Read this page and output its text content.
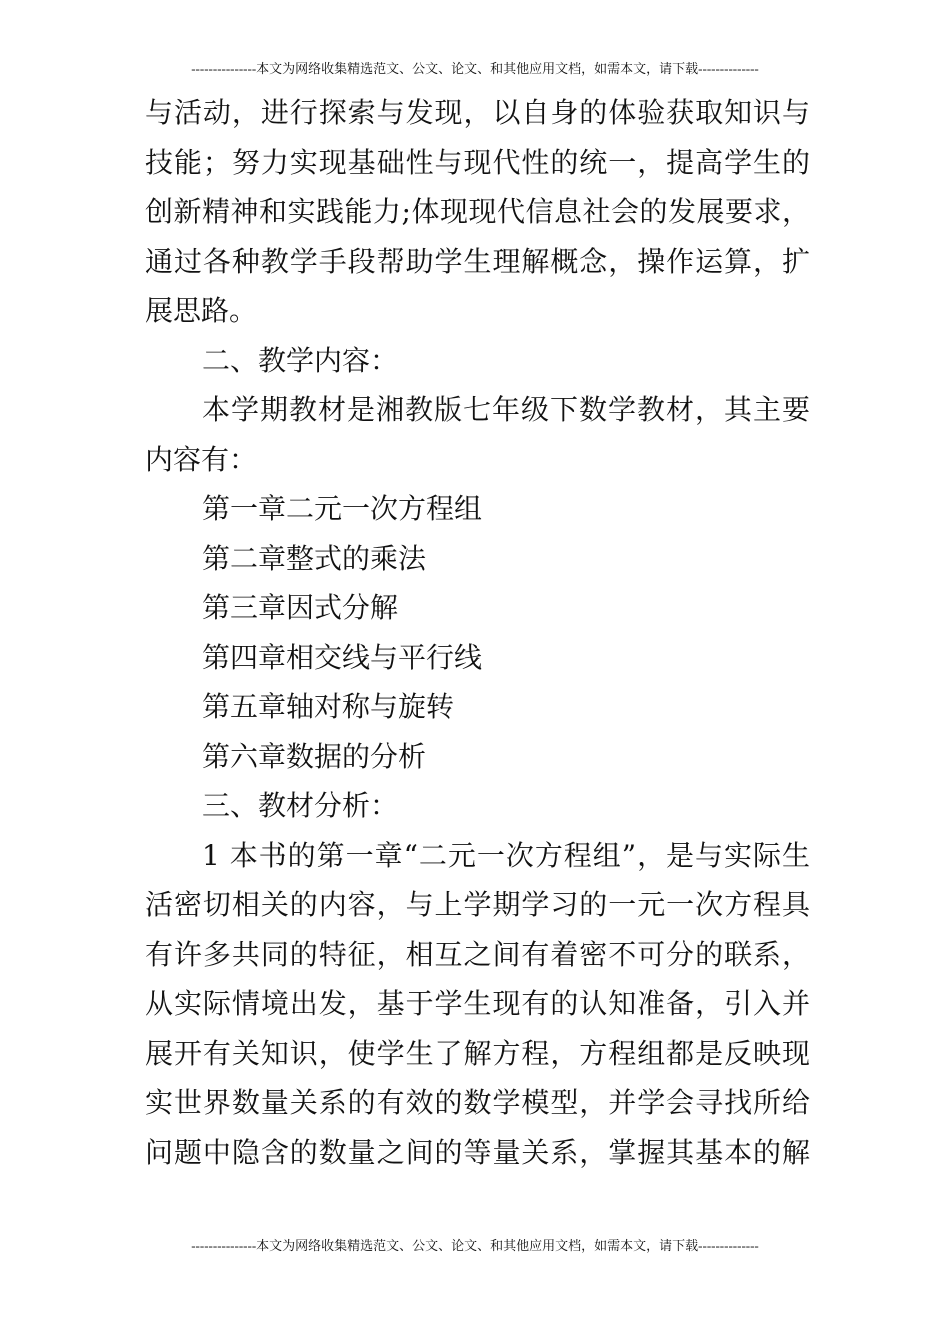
---------------本文为网络收集精选范文、公文、论文、和其他应用文档，如需本文，请下载--------------
与活动，进行探索与发现，以自身的体验获取知识与
技能；努力实现基础性与现代性的统一，提高学生的
创新精神和实践能力;体现现代信息社会的发展要求，
通过各种教学手段帮助学生理解概念，操作运算，扩
展思路。
二、教学内容：
本学期教材是湘教版七年级下数学教材，其主要
内容有：
第一章二元一次方程组
第二章整式的乘法
第三章因式分解
第四章相交线与平行线
第五章轴对称与旋转
第六章数据的分析
三、教材分析：
1 本书的第一章“二元一次方程组”，是与实际生
活密切相关的内容，与上学期学习的一元一次方程具
有许多共同的特征，相互之间有着密不可分的联系，
从实际情境出发，基于学生现有的认知准备，引入并
展开有关知识，使学生了解方程，方程组都是反映现
实世界数量关系的有效的数学模型，并学会寻找所给
问题中隐含的数量之间的等量关系，掌握其基本的解
---------------本文为网络收集精选范文、公文、论文、和其他应用文档，如需本文，请下载--------------
